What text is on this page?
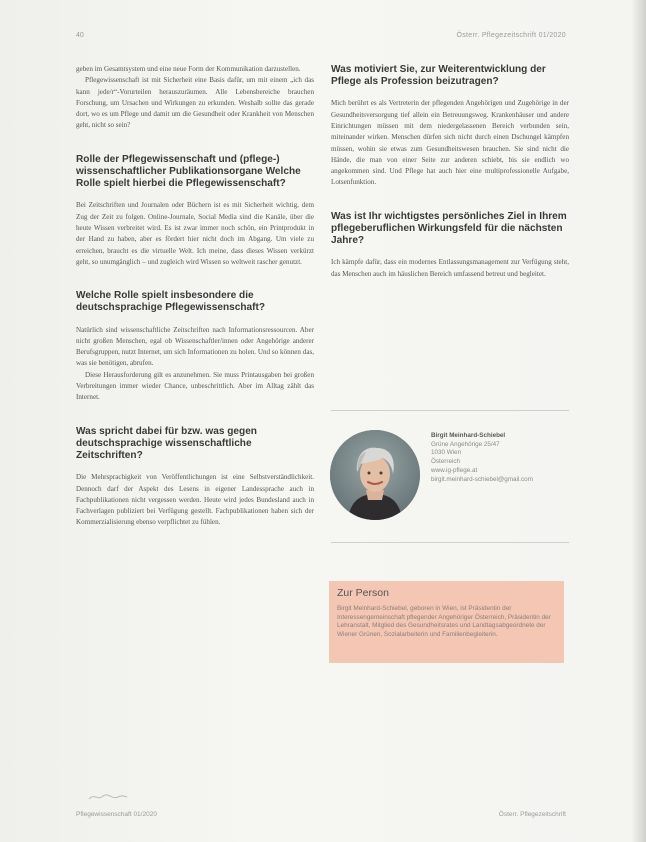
40	Österr. Pflegezeitschrift 01/2020

geben im Gesamtsystem und eine neue Form der Kommunikation darzustellen.

Pflegewissenschaft ist mit Sicherheit eine Basis dafür, um mit einem „ich das kann jede/r“-Vorurteilen herauszuräumen. Alle Lebensbereiche brauchen Forschung, um Ursachen und Wirkungen zu erkunden. Weshalb sollte das gerade dort, wo es um Pflege und damit um die Gesundheit oder Krankheit von Menschen geht, nicht so sein?

Rolle der Pflegewissenschaft und (pflege-) wissenschaftlicher Publikationsorgane Welche Rolle spielt hierbei die Pflegewissenschaft?

Bei Zeitschriften und Journalen oder Büchern ist es mit Sicherheit wichtig, dem Zug der Zeit zu folgen. Online-Journale, Social Media sind die Kanäle, über die heute Wissen verbreitet wird. Es ist zwar immer noch schön, ein Printprodukt in der Hand zu haben, aber es fördert hier nicht doch im Abgang. Um viele zu erreichen, braucht es die virtuelle Welt. Ich meine, dass dieses Wissen verkürzt geht, so unumgänglich – und zugleich wird Wissen so weltweit rascher genutzt.

Welche Rolle spielt insbesondere die deutschsprachige Pflegewissenschaft?

Natürlich sind wissenschaftliche Zeitschriften nach Informationsressourcen. Aber nicht großen Menschen, egal ob Wissenschaftler/innen oder Angehörige anderer Berufsgruppen, nutzt Internet, um sich Informationen zu holen. Und so können das, was sie benötigen, abrufen.

Diese Herausforderung gilt es anzunehmen. Sie muss Printausgaben bei großen Verbreitungen immer wieder Chance, unbeschrittlich. Aber im Alltag zählt das Internet.

Was spricht dabei für bzw. was gegen deutschsprachige wissenschaftliche Zeitschriften?

Die Mehrsprachigkeit von Veröffentlichungen ist eine Selbstverständlichkeit. Dennoch darf der Aspekt des Lesens in eigener Landessprache auch in Fachpublikationen nicht vergessen werden. Heute wird jedes Bundesland auch in Fachverlagen publiziert bei Verfügung gestellt. Fachpublikationen haben sich der Kommerzialisierung ebenso verpflichtet zu fühlen.

Was motiviert Sie, zur Weiterentwicklung der Pflege als Profession beizutragen?

Mich berührt es als Vertreterin der pflegenden Angehörigen und Zugehörige in der Gesundheitsversorgung tief allein ein Betreuungsweg. Krankenhäuser und andere Einrichtungen müssen mit dem niedergelassenen Bereich verbunden sein, miteinander wirken. Menschen dürfen sich nicht durch einen Dschungel kämpfen müssen, wohin sie etwas zum Gesundheitswesen brauchen. Sie sind nicht die Hände, die man von einer Seite zur anderen schiebt, bis sie endlich wo angekommen sind. Und Pflege hat auch hier eine multiprofessionelle Aufgabe, Lotsenfunktion.

Was ist Ihr wichtigstes persönliches Ziel in Ihrem pflegeberuflichen Wirkungsfeld für die nächsten Jahre?

Ich kämpfe dafür, dass ein modernes Entlassungsmanagement zur Verfügung steht, das Menschen auch im häuslichen Bereich umfassend betreut und begleitet.

Birgit Meinhard-Schiebel
Grüne Angehörige 25/47
1030 Wien
Österreich
www.ig-pflege.at
birgit.meinhard-schiebel@gmail.com
Zur Person
Birgit Meinhard-Schiebel, geboren in Wien, ist Präsidentin der Interessengemeinschaft pflegender Angehöriger Österreich, Präsidentin der Lehranstalt, Mitglied des Gesundheitsrates und Landtagsabgeordnete der Wiener Grünen, Sozialarbeiterin und Familienbegleiterin.
Pflegewissenschaft 01/2020	Österr. Pflegezeitschrift
